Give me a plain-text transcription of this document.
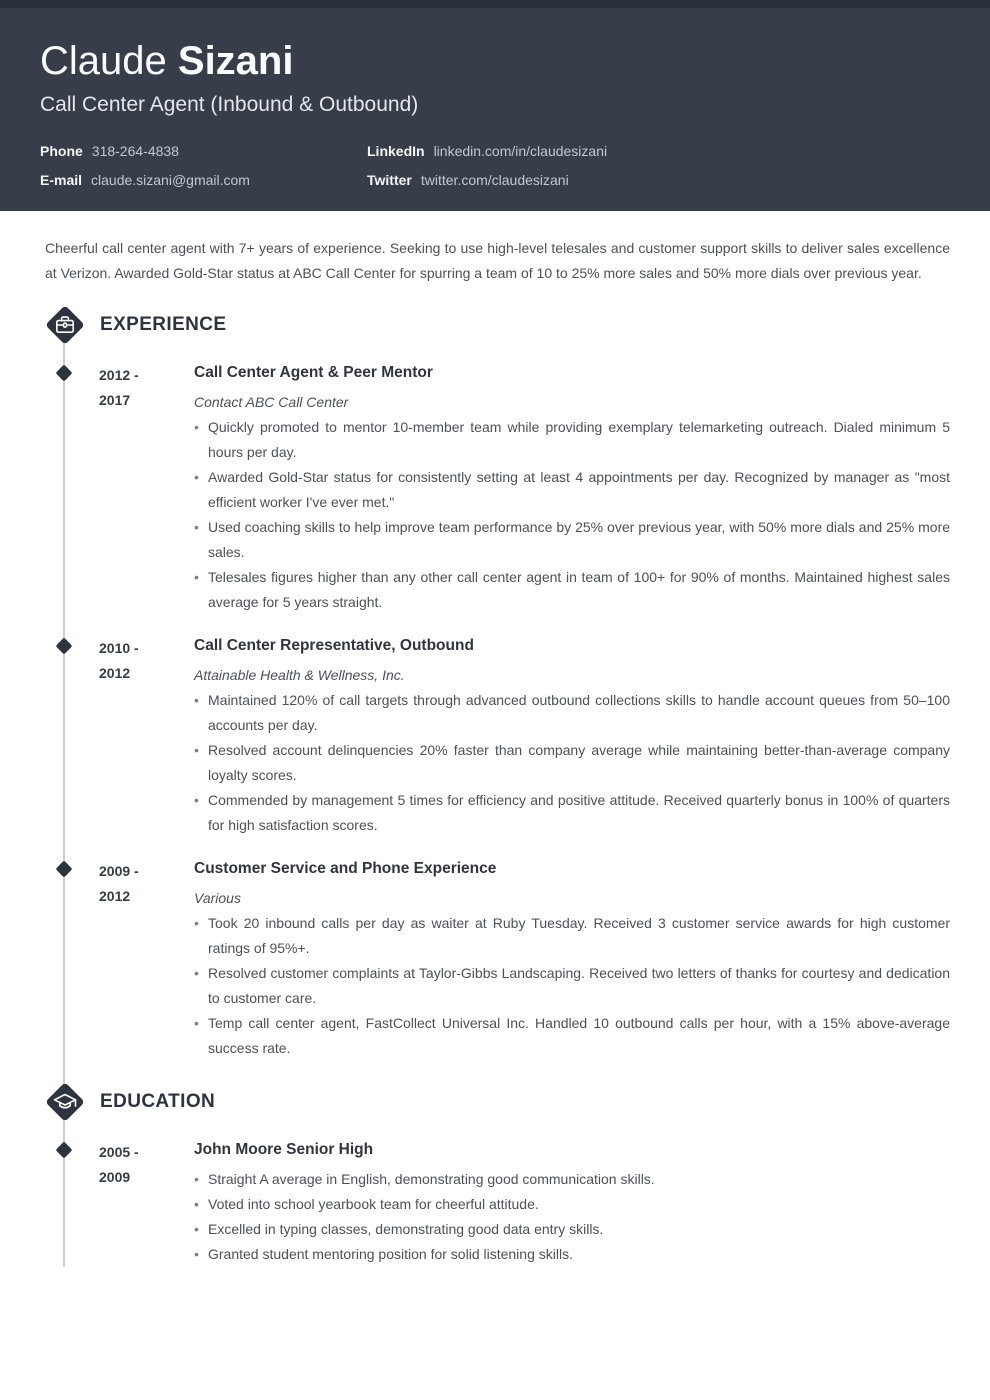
Claude Sizani
Call Center Agent (Inbound & Outbound)
Phone 318-264-4838	LinkedIn linkedin.com/in/claudesizani
E-mail claude.sizani@gmail.com	Twitter twitter.com/claudesizani

Cheerful call center agent with 7+ years of experience. Seeking to use high-level telesales and customer support skills to deliver sales excellence at Verizon. Awarded Gold-Star status at ABC Call Center for spurring a team of 10 to 25% more sales and 50% more dials over previous year.

EXPERIENCE
2012 -
2017
Call Center Agent & Peer Mentor
Contact ABC Call Center
• Quickly promoted to mentor 10-member team while providing exemplary telemarketing outreach. Dialed minimum 5 hours per day.
• Awarded Gold-Star status for consistently setting at least 4 appointments per day. Recognized by manager as "most efficient worker I've ever met."
• Used coaching skills to help improve team performance by 25% over previous year, with 50% more dials and 25% more sales.
• Telesales figures higher than any other call center agent in team of 100+ for 90% of months. Maintained highest sales average for 5 years straight.
2010 -
2012
Call Center Representative, Outbound
Attainable Health & Wellness, Inc.
• Maintained 120% of call targets through advanced outbound collections skills to handle account queues from 50–100 accounts per day.
• Resolved account delinquencies 20% faster than company average while maintaining better-than-average company loyalty scores.
• Commended by management 5 times for efficiency and positive attitude. Received quarterly bonus in 100% of quarters for high satisfaction scores.
2009 -
2012
Customer Service and Phone Experience
Various
• Took 20 inbound calls per day as waiter at Ruby Tuesday. Received 3 customer service awards for high customer ratings of 95%+.
• Resolved customer complaints at Taylor-Gibbs Landscaping. Received two letters of thanks for courtesy and dedication to customer care.
• Temp call center agent, FastCollect Universal Inc. Handled 10 outbound calls per hour, with a 15% above-average success rate.
EDUCATION
2005 -
2009
John Moore Senior High
• Straight A average in English, demonstrating good communication skills.
• Voted into school yearbook team for cheerful attitude.
• Excelled in typing classes, demonstrating good data entry skills.
• Granted student mentoring position for solid listening skills.
